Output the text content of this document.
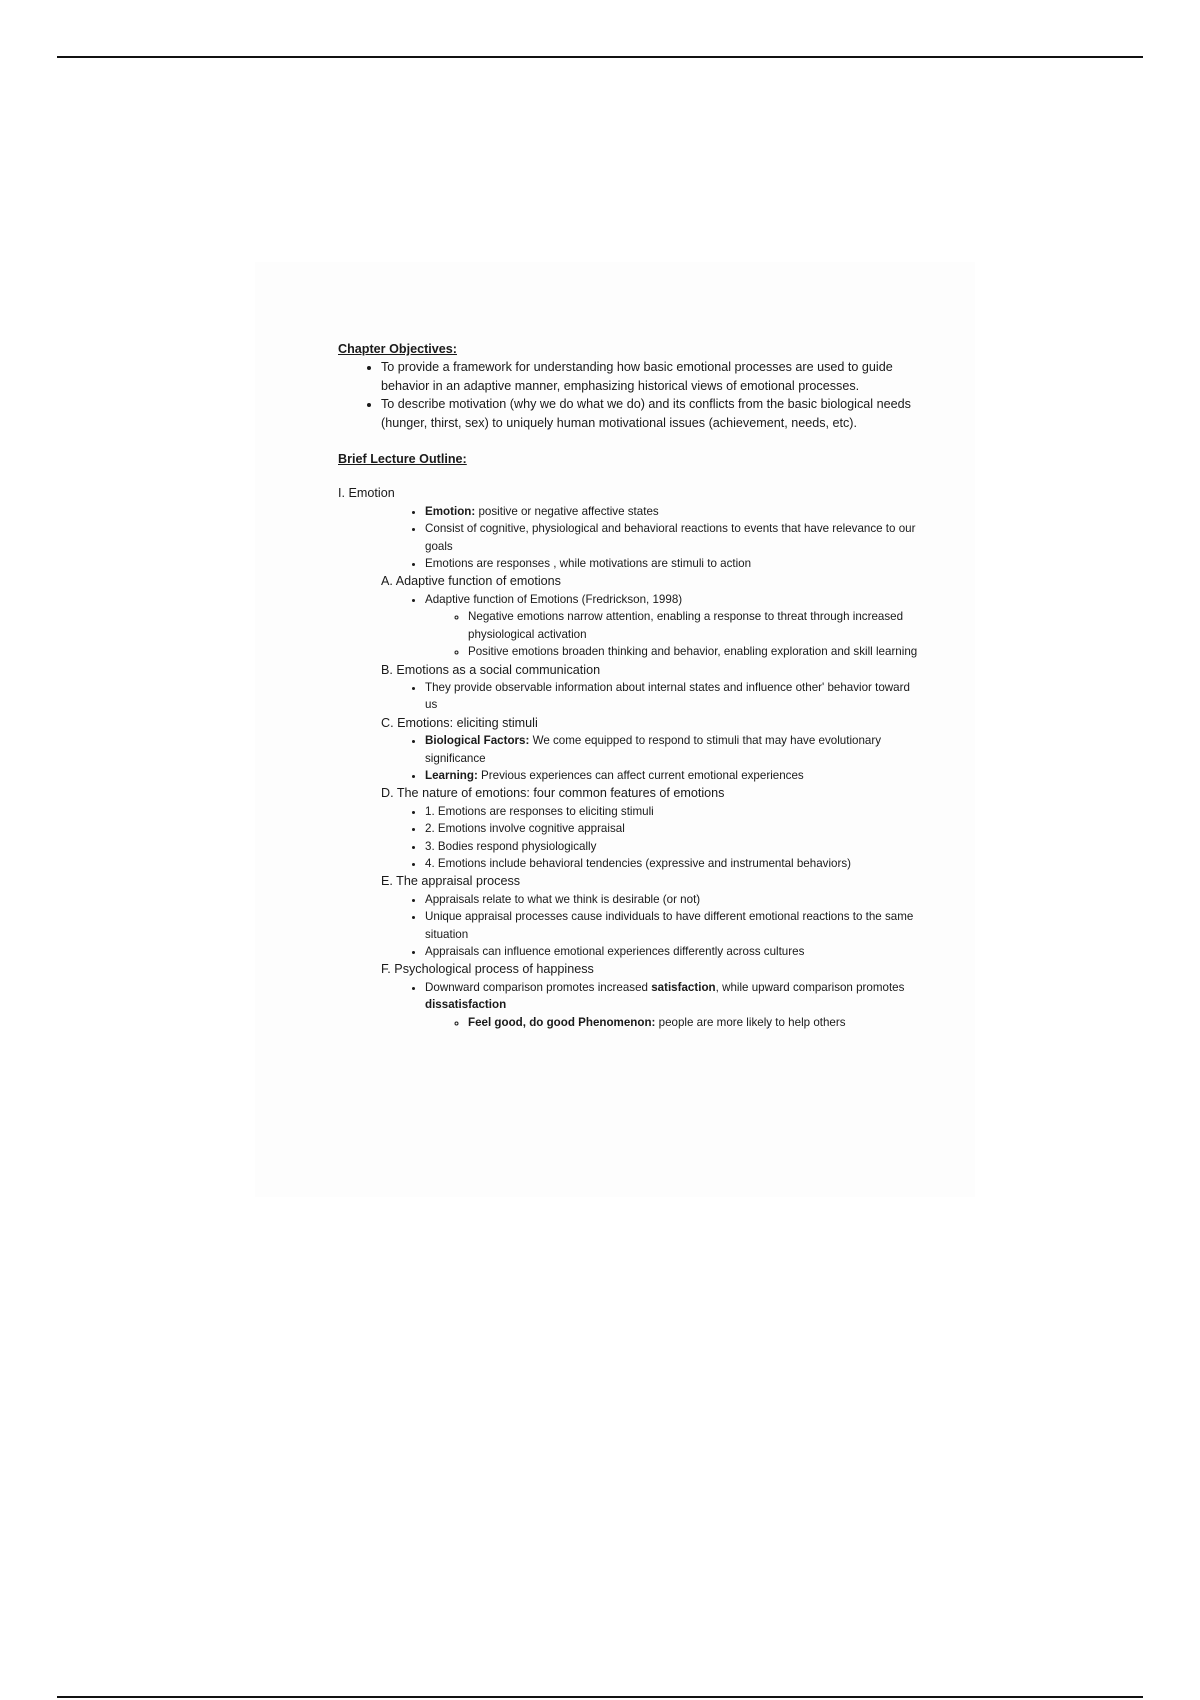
Chapter Objectives:
• To provide a framework for understanding how basic emotional processes are used to guide behavior in an adaptive manner, emphasizing historical views of emotional processes.
• To describe motivation (why we do what we do) and its conflicts from the basic biological needs (hunger, thirst, sex) to uniquely human motivational issues (achievement, needs, etc).
Brief Lecture Outline:
I. Emotion
• Emotion: positive or negative affective states
• Consist of cognitive, physiological and behavioral reactions to events that have relevance to our goals
• Emotions are responses , while motivations are stimuli to action
A. Adaptive function of emotions
• Adaptive function of Emotions (Fredrickson, 1998)
◦ Negative emotions narrow attention, enabling a response to threat through increased physiological activation
◦ Positive emotions broaden thinking and behavior, enabling exploration and skill learning
B. Emotions as a social communication
• They provide observable information about internal states and influence other' behavior toward us
C. Emotions: eliciting stimuli
• Biological Factors: We come equipped to respond to stimuli that may have evolutionary significance
• Learning: Previous experiences can affect current emotional experiences
D. The nature of emotions: four common features of emotions
• 1. Emotions are responses to eliciting stimuli
• 2. Emotions involve cognitive appraisal
• 3. Bodies respond physiologically
• 4. Emotions include behavioral tendencies (expressive and instrumental behaviors)
E. The appraisal process
• Appraisals relate to what we think is desirable (or not)
• Unique appraisal processes cause individuals to have different emotional reactions to the same situation
• Appraisals can influence emotional experiences differently across cultures
F. Psychological process of happiness
• Downward comparison promotes increased satisfaction, while upward comparison promotes dissatisfaction
◦ Feel good, do good Phenomenon: people are more likely to help others
